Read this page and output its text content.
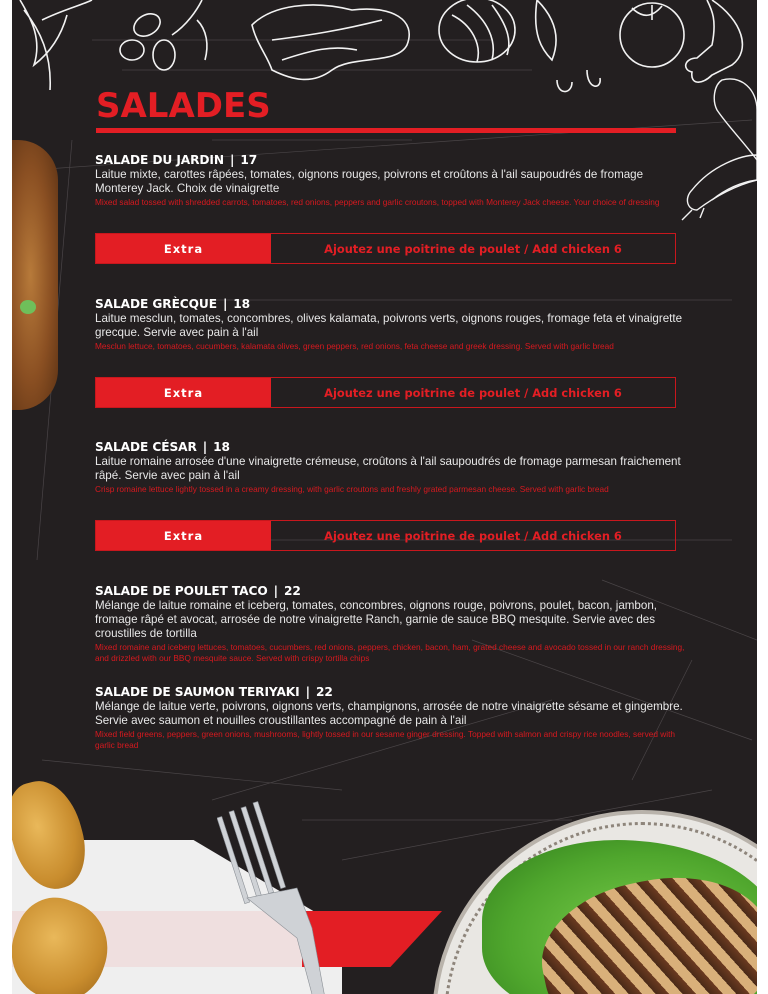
SALADES
SALADE DU JARDIN | 17
Laitue mixte, carottes râpées, tomates, oignons rouges, poivrons et croûtons à l'ail saupoudrés de fromage Monterey Jack. Choix de vinaigrette
Mixed salad tossed with shredded carrots, tomatoes, red onions, peppers and garlic croutons, topped with Monterey Jack cheese. Your choice of dressing
Extra	Ajoutez une poitrine de poulet / Add chicken 6
SALADE GRÈCQUE | 18
Laitue mesclun, tomates, concombres, olives kalamata, poivrons verts, oignons rouges, fromage feta et vinaigrette grecque. Servie avec pain à l'ail
Mesclun lettuce, tomatoes, cucumbers, kalamata olives, green peppers, red onions, feta cheese and greek dressing. Served with garlic bread
Extra	Ajoutez une poitrine de poulet / Add chicken 6
SALADE CÉSAR | 18
Laitue romaine arrosée d'une vinaigrette crémeuse, croûtons à l'ail saupoudrés de fromage parmesan fraichement râpé. Servie avec pain à l'ail
Crisp romaine lettuce lightly tossed in a creamy dressing, with garlic croutons and freshly grated parmesan cheese. Served with garlic bread
Extra	Ajoutez une poitrine de poulet / Add chicken 6
SALADE DE POULET TACO | 22
Mélange de laitue romaine et iceberg, tomates, concombres, oignons rouge, poivrons, poulet, bacon, jambon, fromage râpé et avocat, arrosée de notre vinaigrette Ranch, garnie de sauce BBQ mesquite. Servie avec des croustilles de tortilla
Mixed romaine and iceberg lettuces, tomatoes, cucumbers, red onions, peppers, chicken, bacon, ham, grated cheese and avocado tossed in our ranch dressing, and drizzled with our BBQ mesquite sauce. Served with crispy tortilla chips
SALADE DE SAUMON TERIYAKI | 22
Mélange de laitue verte, poivrons, oignons verts, champignons, arrosée de notre vinaigrette sésame et gingembre. Servie avec saumon et nouilles croustillantes accompagné de pain à l'ail
Mixed field greens, peppers, green onions, mushrooms, lightly tossed in our sesame ginger dressing. Topped with salmon and crispy rice noodles, served with garlic bread
